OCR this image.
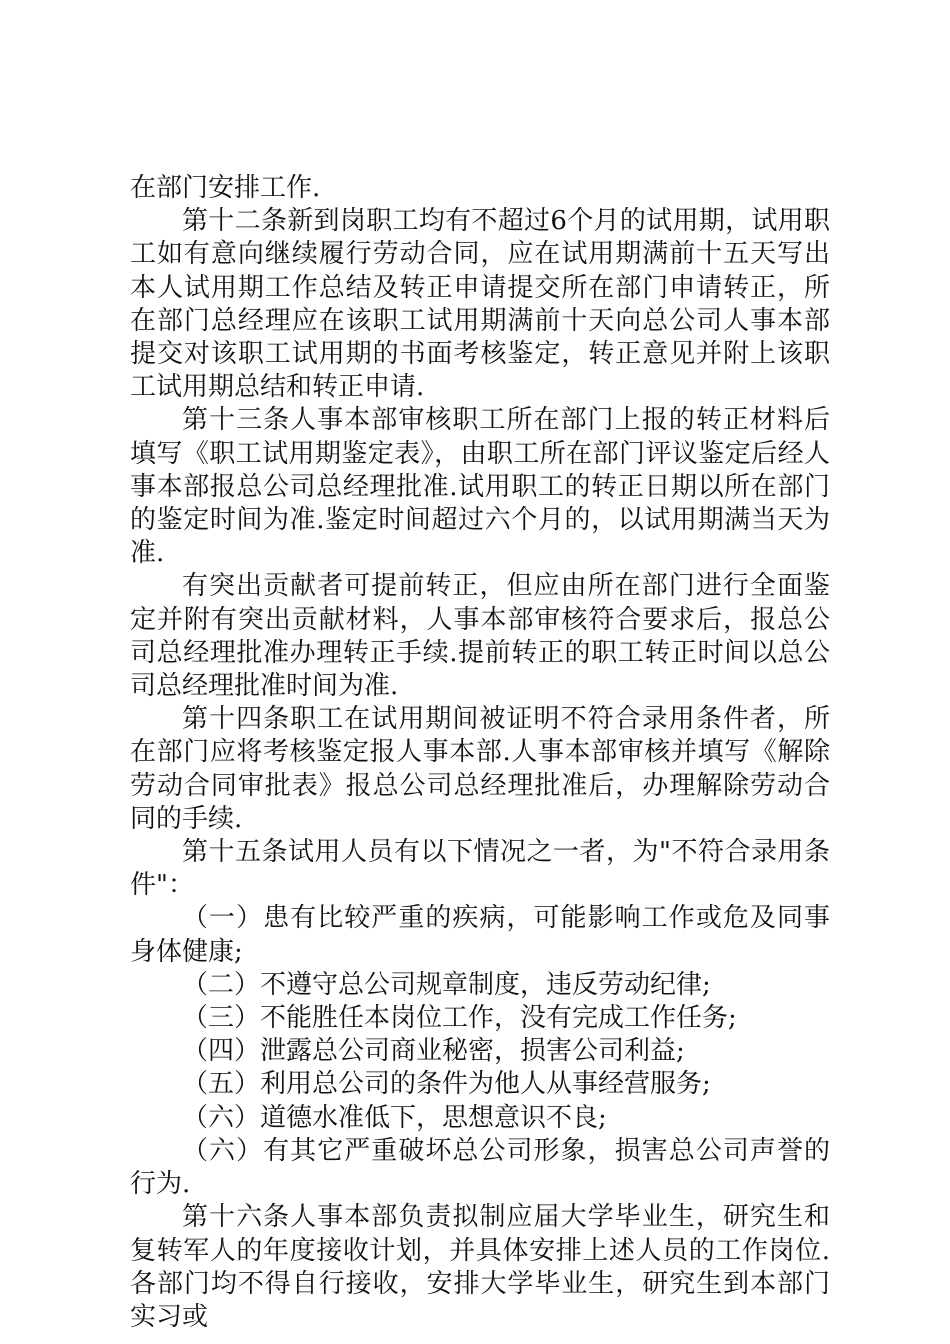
在部门安排工作.

第十二条新到岗职工均有不超过6个月的试用期，试用职工如有意向继续履行劳动合同，应在试用期满前十五天写出本人试用期工作总结及转正申请提交所在部门申请转正，所在部门总经理应在该职工试用期满前十天向总公司人事本部提交对该职工试用期的书面考核鉴定，转正意见并附上该职工试用期总结和转正申请.

第十三条人事本部审核职工所在部门上报的转正材料后填写《职工试用期鉴定表》，由职工所在部门评议鉴定后经人事本部报总公司总经理批准.试用职工的转正日期以所在部门的鉴定时间为准.鉴定时间超过六个月的，以试用期满当天为准.

有突出贡献者可提前转正，但应由所在部门进行全面鉴定并附有突出贡献材料，人事本部审核符合要求后，报总公司总经理批准办理转正手续.提前转正的职工转正时间以总公司总经理批准时间为准.

第十四条职工在试用期间被证明不符合录用条件者，所在部门应将考核鉴定报人事本部.人事本部审核并填写《解除劳动合同审批表》报总公司总经理批准后，办理解除劳动合同的手续.

第十五条试用人员有以下情况之一者，为"不符合录用条件"：

（一）患有比较严重的疾病，可能影响工作或危及同事身体健康;

（二）不遵守总公司规章制度，违反劳动纪律;

（三）不能胜任本岗位工作，没有完成工作任务;

（四）泄露总公司商业秘密，损害公司利益;

（五）利用总公司的条件为他人从事经营服务;

（六）道德水准低下，思想意识不良;

（六）有其它严重破坏总公司形象，损害总公司声誉的行为.

第十六条人事本部负责拟制应届大学毕业生，研究生和复转军人的年度接收计划，并具体安排上述人员的工作岗位.各部门均不得自行接收，安排大学毕业生，研究生到本部门实习或
